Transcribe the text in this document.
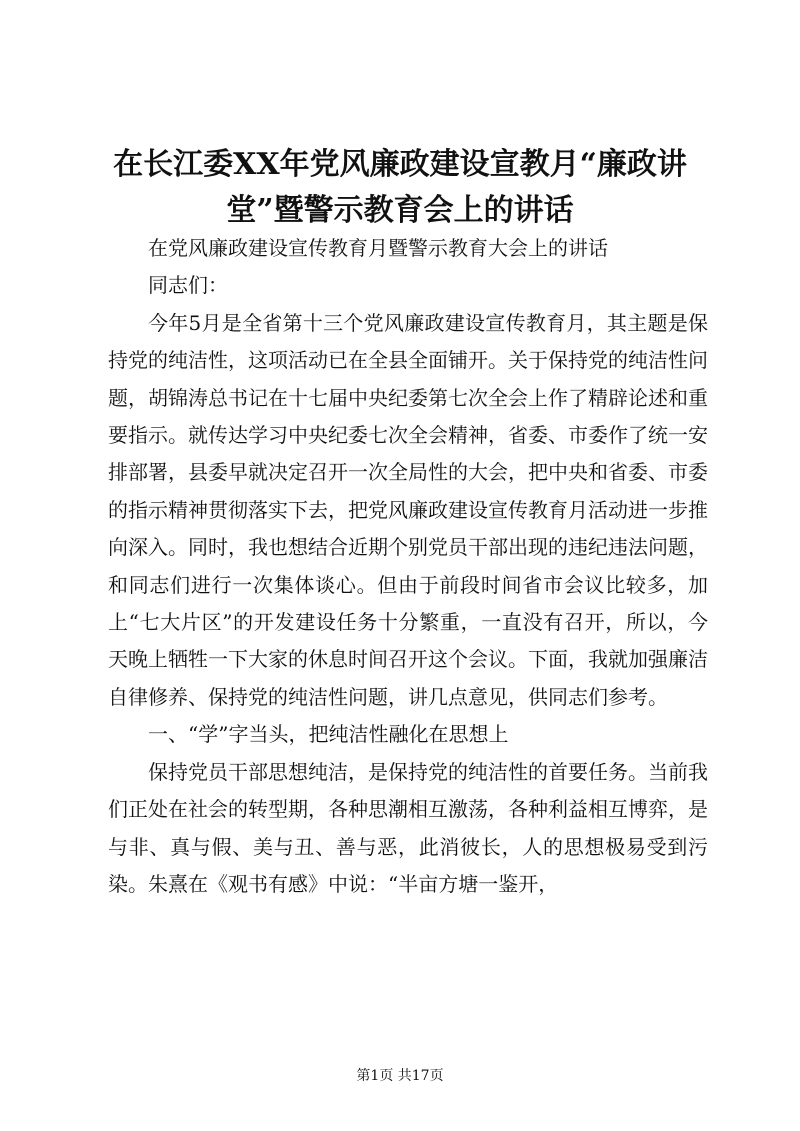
在长江委XX年党风廉政建设宣教月“廉政讲堂”暨警示教育会上的讲话

在党风廉政建设宣传教育月暨警示教育大会上的讲话

同志们：

今年5月是全省第十三个党风廉政建设宣传教育月，其主题是保持党的纯洁性，这项活动已在全县全面铺开。关于保持党的纯洁性问题，胡锦涛总书记在十七届中央纪委第七次全会上作了精辟论述和重要指示。就传达学习中央纪委七次全会精神，省委、市委作了统一安排部署，县委早就决定召开一次全局性的大会，把中央和省委、市委的指示精神贯彻落实下去，把党风廉政建设宣传教育月活动进一步推向深入。同时，我也想结合近期个别党员干部出现的违纪违法问题，和同志们进行一次集体谈心。但由于前段时间省市会议比较多，加上“七大片区”的开发建设任务十分繁重，一直没有召开，所以，今天晚上牺牲一下大家的休息时间召开这个会议。下面，我就加强廉洁自律修养、保持党的纯洁性问题，讲几点意见，供同志们参考。

一、“学”字当头，把纯洁性融化在思想上

保持党员干部思想纯洁，是保持党的纯洁性的首要任务。当前我们正处在社会的转型期，各种思潮相互激荡，各种利益相互博弈，是与非、真与假、美与丑、善与恶，此消彼长，人的思想极易受到污染。朱熹在《观书有感》中说：“半亩方塘一鉴开，

第1页 共17页
